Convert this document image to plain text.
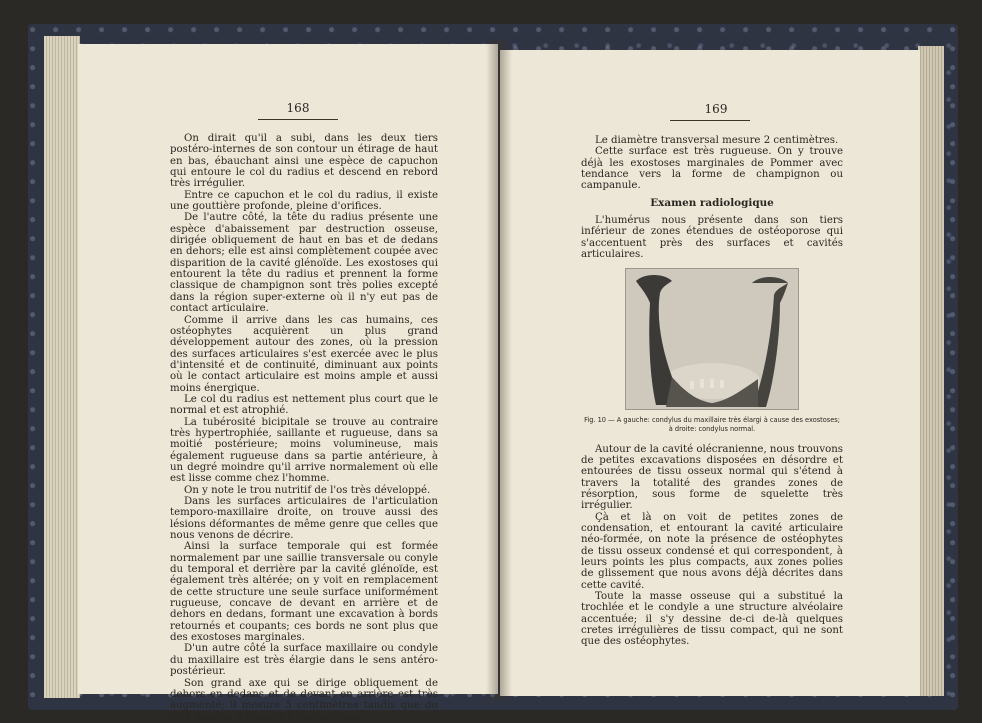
168

On dirait qu'il a subi, dans les deux tiers postéro-internes de son contour un étirage de haut en bas, ébauchant ainsi une espèce de capuchon qui entoure le col du radius et descend en rebord très irrégulier.

Entre ce capuchon et le col du radius, il existe une gouttière profonde, pleine d'orifices.

De l'autre côté, la tête du radius présente une espèce d'abaissement par destruction osseuse, dirigée obliquement de haut en bas et de dedans en dehors; elle est ainsi complètement coupée avec disparition de la cavité glénoïde. Les exostoses qui entourent la tête du radius et prennent la forme classique de champignon sont très polies excepté dans la région super-externe où il n'y eut pas de contact articulaire.

Comme il arrive dans les cas humains, ces ostéophytes acquièrent un plus grand développement autour des zones, où la pression des surfaces articulaires s'est exercée avec le plus d'intensité et de continuité, diminuant aux points où le contact articulaire est moins ample et aussi moins énergique.

Le col du radius est nettement plus court que le normal et est atrophié.

La tubérosité bicipitale se trouve au contraire très hypertrophiée, saillante et rugueuse, dans sa moitié postérieure; moins volumineuse, mais également rugueuse dans sa partie antérieure, à un degré moindre qu'il arrive normalement où elle est lisse comme chez l'homme.

On y note le trou nutritif de l'os très développé.

Dans les surfaces articulaires de l'articulation temporo-maxillaire droite, on trouve aussi des lésions déformantes de même genre que celles que nous venons de décrire.

Ainsi la surface temporale qui est formée normalement par une saillie transversale ou conyle du temporal et derrière par la cavité glénoïde, est également très altérée; on y voit en remplacement de cette structure une seule surface uniformément rugueuse, concave de devant en arrière et de dehors en dedans, formant une excavation à bords retournés et coupants; ces bords ne sont plus que des exostoses marginales.

D'un autre côté la surface maxillaire ou condyle du maxillaire est très élargie dans le sens antéro-postérieur.

Son grand axe qui se dirige obliquement de dehors en dedans et de devant en arrière est très augmenté; il mesure 5 centimètres tandis que du côté gauche il mesure 4 centimètres.

169

Le diamètre transversal mesure 2 centimètres.

Cette surface est très rugueuse. On y trouve déjà les exostoses marginales de Pommer avec tendance vers la forme de champignon ou campanule.

Examen radiologique

L'humérus nous présente dans son tiers inférieur de zones étendues de ostéoporose qui s'accentuent près des surfaces et cavités articulaires.

Fig. 10 — A gauche: condylus du maxillaire très élargi à cause des exostoses;
à droite: condylus normal.

Autour de la cavité olécranienne, nous trouvons de petites excavations disposées en désordre et entourées de tissu osseux normal qui s'étend à travers la totalité des grandes zones de résorption, sous forme de squelette très irrégulier.

Çà et là on voit de petites zones de condensation, et entourant la cavité articulaire néo-formée, on note la présence de ostéophytes de tissu osseux condensé et qui correspondent, à leurs points les plus compacts, aux zones polies de glissement que nous avons déjà décrites dans cette cavité.

Toute la masse osseuse qui a substitué la trochlée et le condyle a une structure alvéolaire accentuée; il s'y dessine de-ci de-là quelques cretes irrégulières de tissu compact, qui ne sont que des ostéophytes.
